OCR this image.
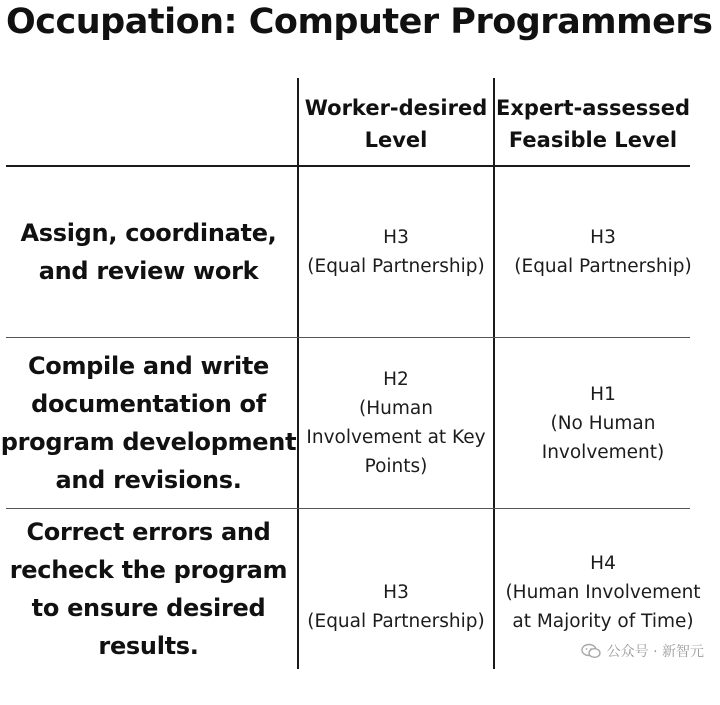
Occupation: Computer Programmers
Worker-desired
Level
Expert-assessed
Feasible Level
Assign, coordinate,
and review work
H3
(Equal Partnership)
H3
(Equal Partnership)
Compile and write
documentation of
program development
and revisions.
H2
(Human
Involvement at Key
Points)
H1
(No Human
Involvement)
Correct errors and
recheck the program
to ensure desired
results.
H3
(Equal Partnership)
H4
(Human Involvement
at Majority of Time)
公众号 · 新智元
